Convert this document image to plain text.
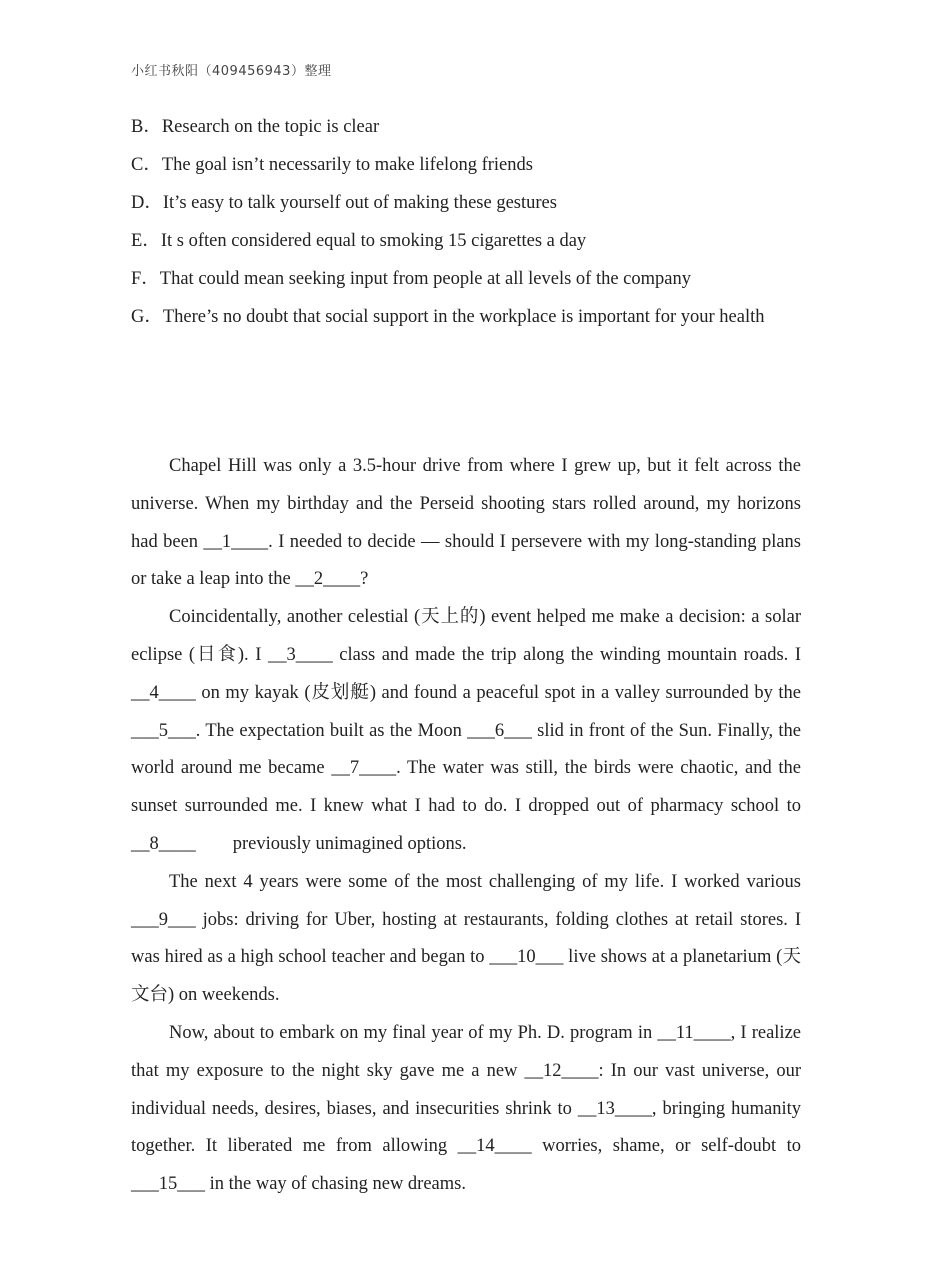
小红书秋阳（409456943）整理
B．Research on the topic is clear
C．The goal isn’t necessarily to make lifelong friends
D．It’s easy to talk yourself out of making these gestures
E．It s often considered equal to smoking 15 cigarettes a day
F．That could mean seeking input from people at all levels of the company
G．There’s no doubt that social support in the workplace is important for your health

Chapel Hill was only a 3.5-hour drive from where I grew up, but it felt across the universe. When my birthday and the Perseid shooting stars rolled around, my horizons had been __1____. I needed to decide — should I persevere with my long-standing plans or take a leap into the __2____?

Coincidentally, another celestial (天上的) event helped me make a decision: a solar eclipse (日食). I __3____ class and made the trip along the winding mountain roads. I __4____ on my kayak (皮划艇) and found a peaceful spot in a valley surrounded by the ___5___. The expectation built as the Moon ___6___ slid in front of the Sun. Finally, the world around me became __7____. The water was still, the birds were chaotic, and the sunset surrounded me. I knew what I had to do. I dropped out of pharmacy school to __8____　　previously unimagined options.

The next 4 years were some of the most challenging of my life. I worked various ___9___ jobs: driving for Uber, hosting at restaurants, folding clothes at retail stores. I was hired as a high school teacher and began to ___10___ live shows at a planetarium (天文台) on weekends.

Now, about to embark on my final year of my Ph. D. program in __11____, I realize that my exposure to the night sky gave me a new __12____: In our vast universe, our individual needs, desires, biases, and insecurities shrink to __13____, bringing humanity together. It liberated me from allowing __14____ worries, shame, or self-doubt to ___15___ in the way of chasing new dreams.
